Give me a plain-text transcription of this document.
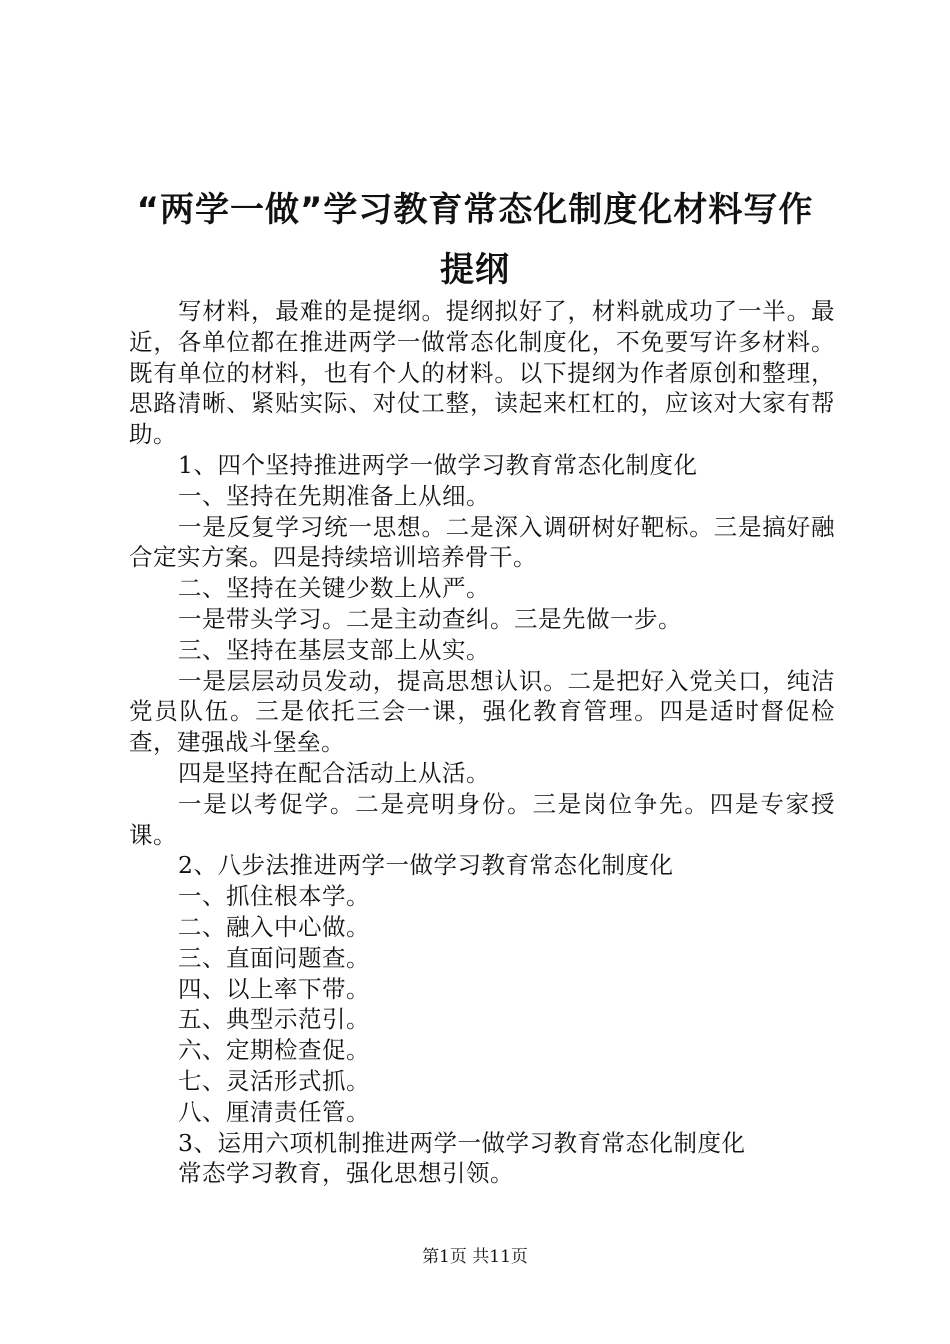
“两学一做”学习教育常态化制度化材料写作
提纲

写材料，最难的是提纲。提纲拟好了，材料就成功了一半。最近，各单位都在推进两学一做常态化制度化，不免要写许多材料。既有单位的材料，也有个人的材料。以下提纲为作者原创和整理，思路清晰、紧贴实际、对仗工整，读起来杠杠的，应该对大家有帮助。

1、四个坚持推进两学一做学习教育常态化制度化

一、坚持在先期准备上从细。

一是反复学习统一思想。二是深入调研树好靶标。三是搞好融合定实方案。四是持续培训培养骨干。

二、坚持在关键少数上从严。

一是带头学习。二是主动查纠。三是先做一步。

三、坚持在基层支部上从实。

一是层层动员发动，提高思想认识。二是把好入党关口，纯洁党员队伍。三是依托三会一课，强化教育管理。四是适时督促检查，建强战斗堡垒。

四是坚持在配合活动上从活。

一是以考促学。二是亮明身份。三是岗位争先。四是专家授课。

2、八步法推进两学一做学习教育常态化制度化

一、抓住根本学。

二、融入中心做。

三、直面问题查。

四、以上率下带。

五、典型示范引。

六、定期检查促。

七、灵活形式抓。

八、厘清责任管。

3、运用六项机制推进两学一做学习教育常态化制度化

常态学习教育，强化思想引领。

第1页 共11页
